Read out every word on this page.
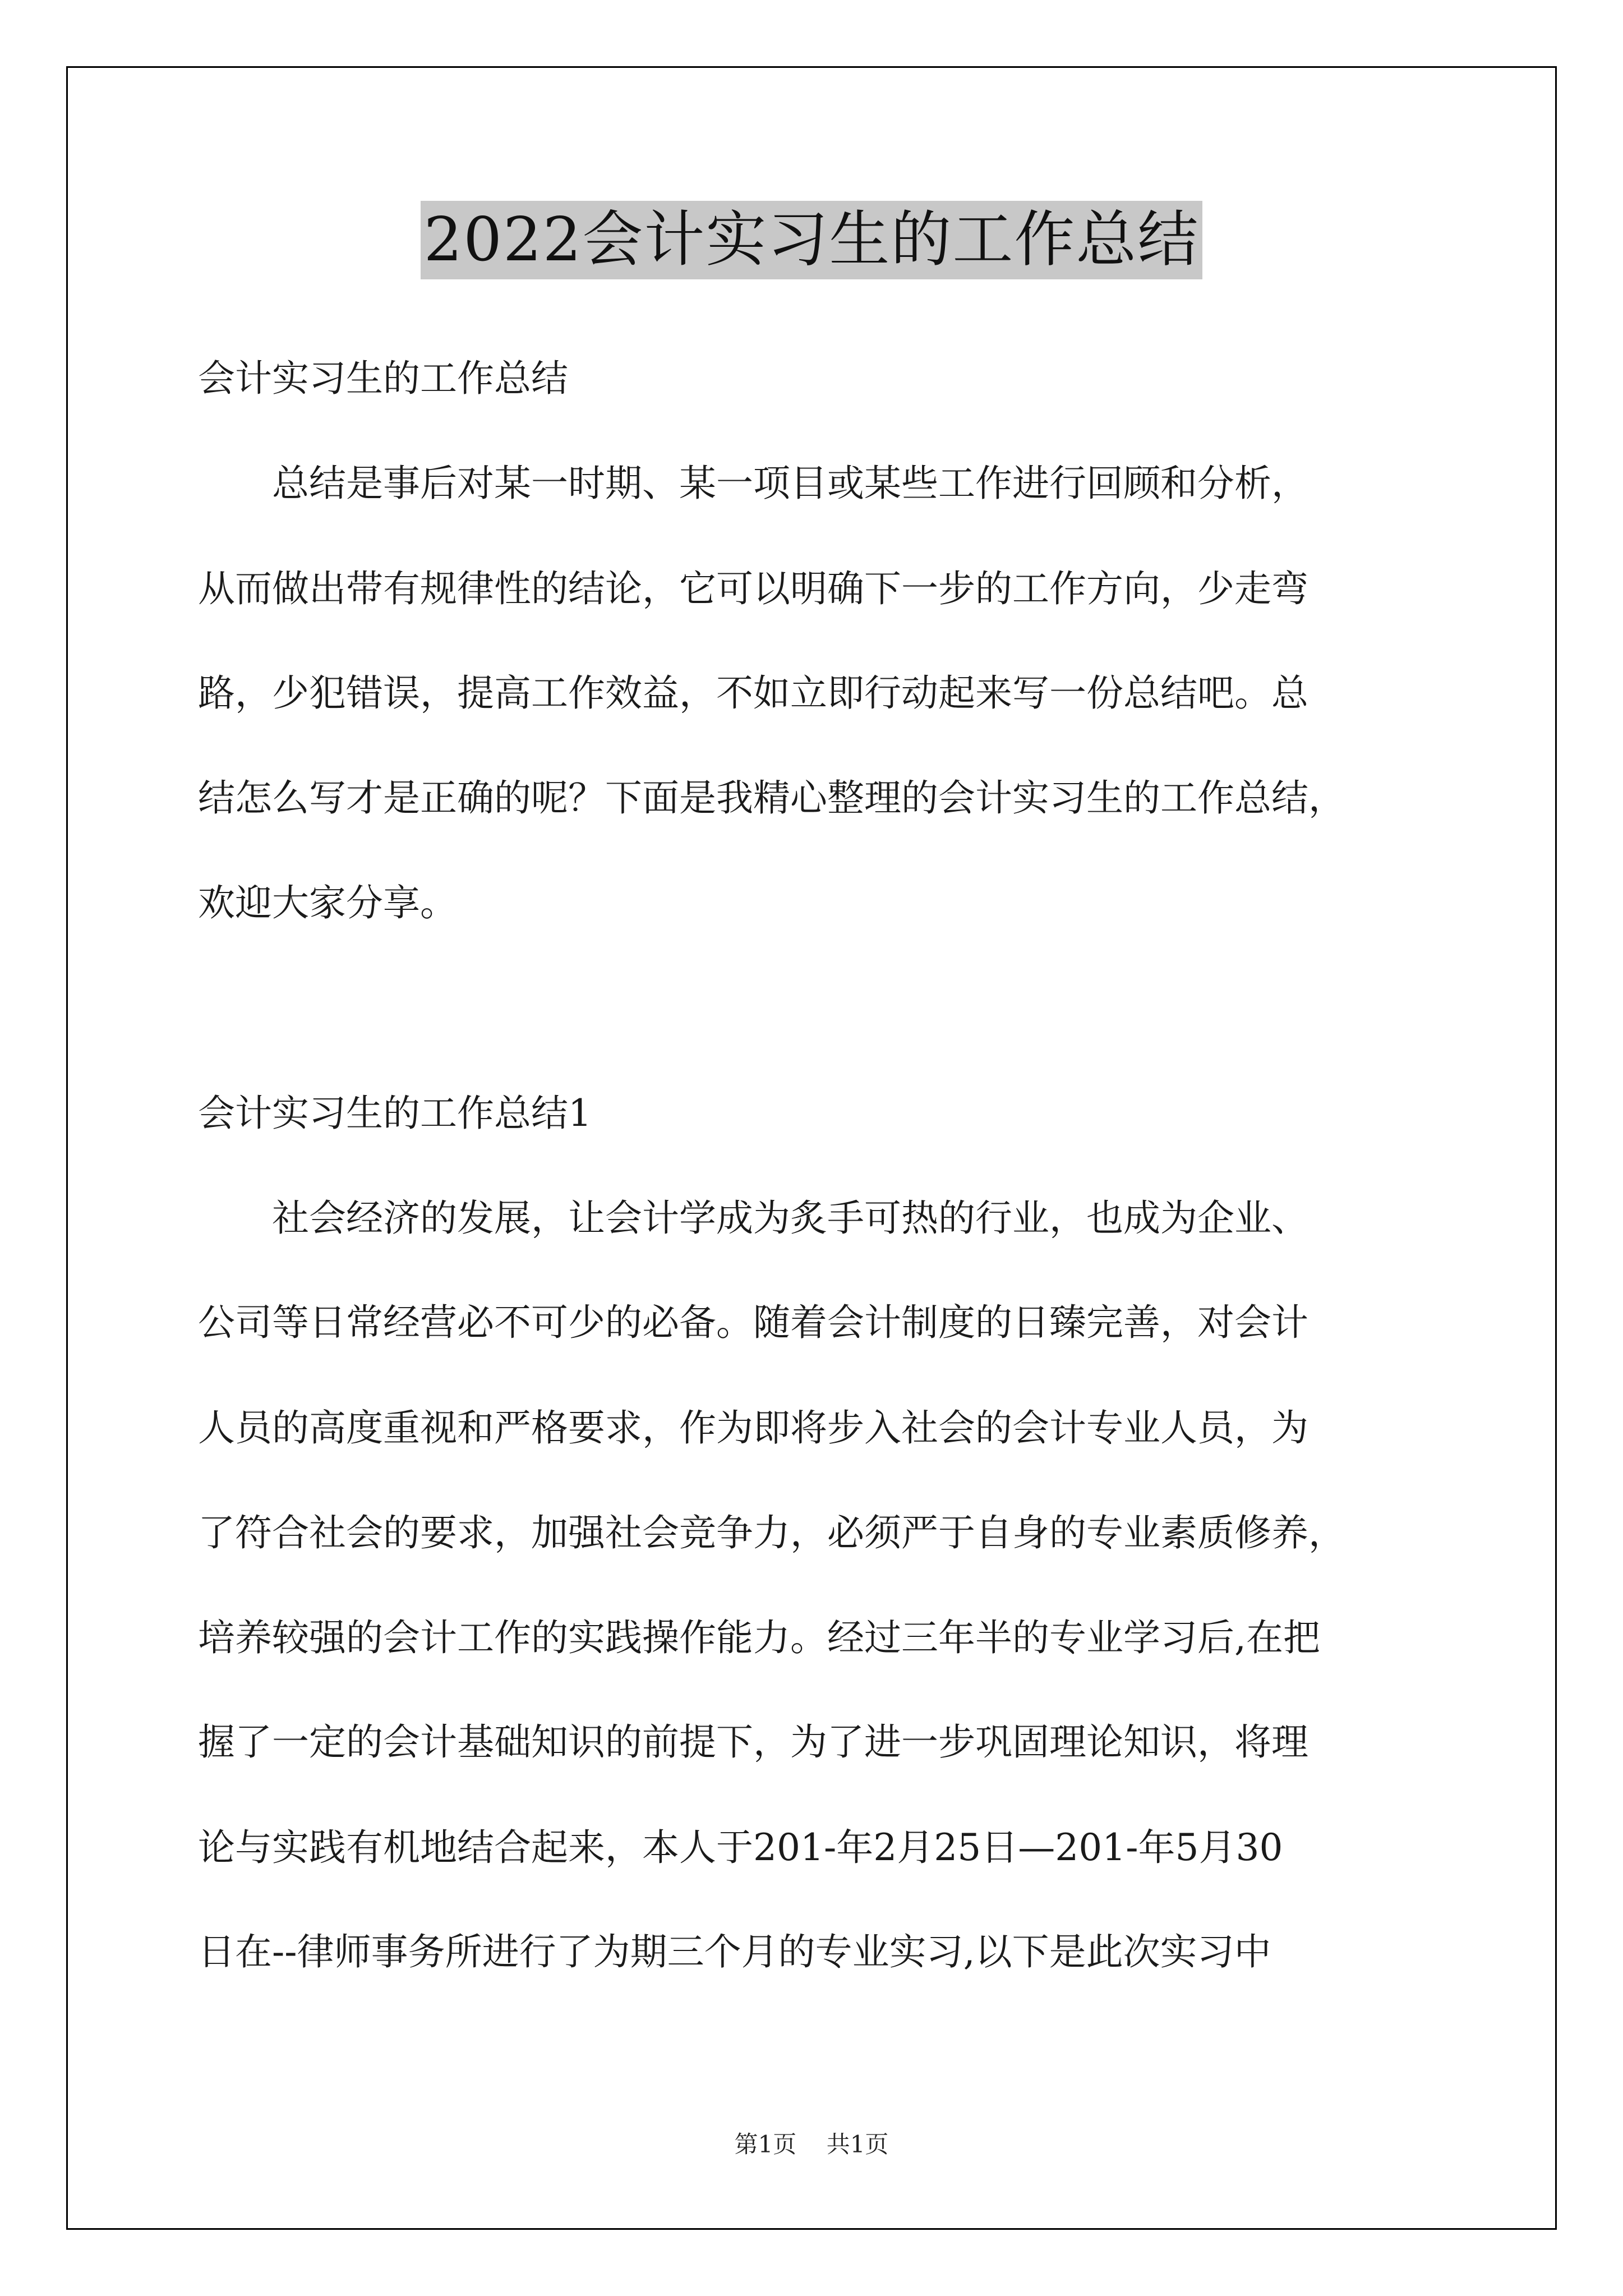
2022会计实习生的工作总结
会计实习生的工作总结
　　总结是事后对某一时期、某一项目或某些工作进行回顾和分析，
从而做出带有规律性的结论，它可以明确下一步的工作方向，少走弯
路，少犯错误，提高工作效益，不如立即行动起来写一份总结吧。总
结怎么写才是正确的呢？下面是我精心整理的会计实习生的工作总结，
欢迎大家分享。
会计实习生的工作总结1
　　社会经济的发展，让会计学成为炙手可热的行业，也成为企业、
公司等日常经营必不可少的必备。随着会计制度的日臻完善，对会计
人员的高度重视和严格要求，作为即将步入社会的会计专业人员，为
了符合社会的要求，加强社会竞争力，必须严于自身的专业素质修养，
培养较强的会计工作的实践操作能力。经过三年半的专业学习后,在把
握了一定的会计基础知识的前提下，为了进一步巩固理论知识，将理
论与实践有机地结合起来，本人于201-年2月25日—201-年5月30
日在--律师事务所进行了为期三个月的专业实习,以下是此次实习中
第1页 共1页
